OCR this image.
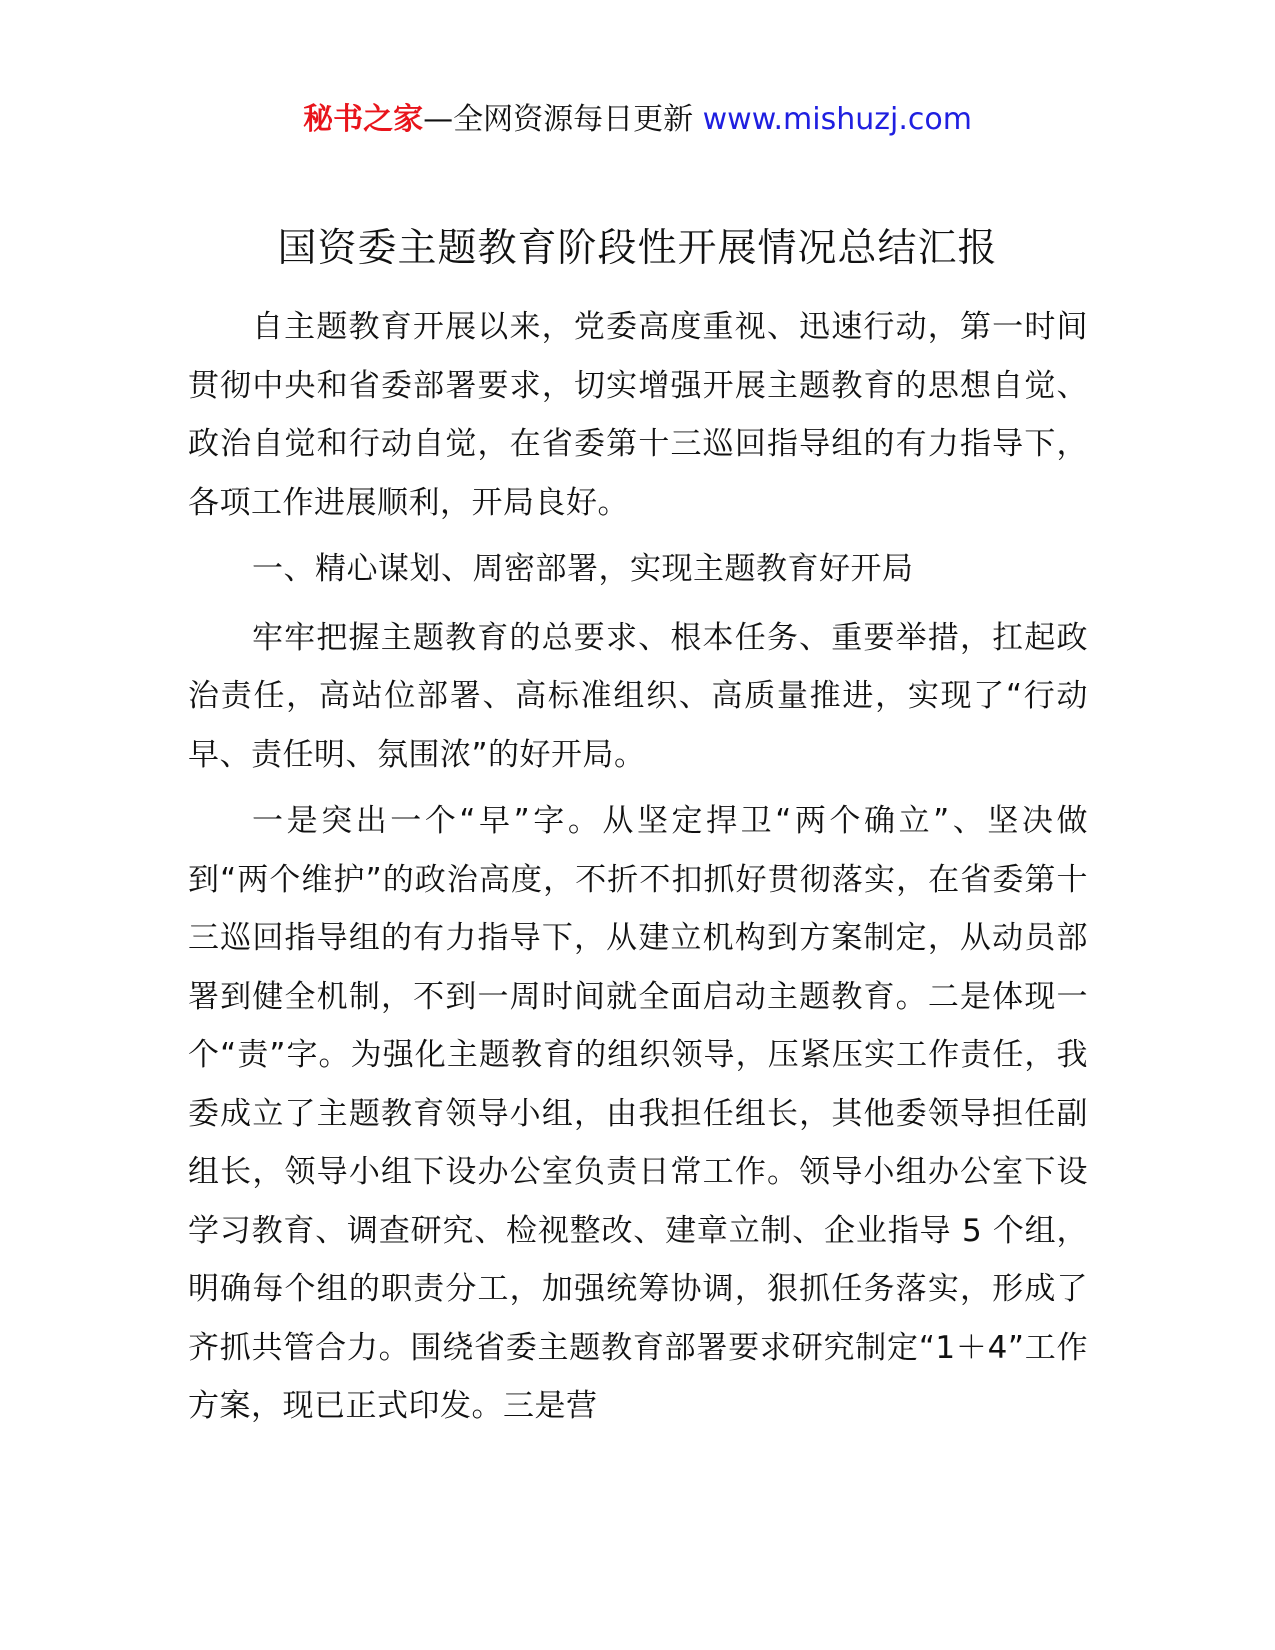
秘书之家—全网资源每日更新 www.mishuzj.com
国资委主题教育阶段性开展情况总结汇报

自主题教育开展以来，党委高度重视、迅速行动，第一时间贯彻中央和省委部署要求，切实增强开展主题教育的思想自觉、政治自觉和行动自觉，在省委第十三巡回指导组的有力指导下，各项工作进展顺利，开局良好。

一、精心谋划、周密部署，实现主题教育好开局

牢牢把握主题教育的总要求、根本任务、重要举措，扛起政治责任，高站位部署、高标准组织、高质量推进，实现了“行动早、责任明、氛围浓”的好开局。

一是突出一个“早”字。从坚定捍卫“两个确立”、坚决做到“两个维护”的政治高度，不折不扣抓好贯彻落实，在省委第十三巡回指导组的有力指导下，从建立机构到方案制定，从动员部署到健全机制，不到一周时间就全面启动主题教育。二是体现一个“责”字。为强化主题教育的组织领导，压紧压实工作责任，我委成立了主题教育领导小组，由我担任组长，其他委领导担任副组长，领导小组下设办公室负责日常工作。领导小组办公室下设学习教育、调查研究、检视整改、建章立制、企业指导 5 个组，明确每个组的职责分工，加强统筹协调，狠抓任务落实，形成了齐抓共管合力。围绕省委主题教育部署要求研究制定“1＋4”工作方案，现已正式印发。三是营
